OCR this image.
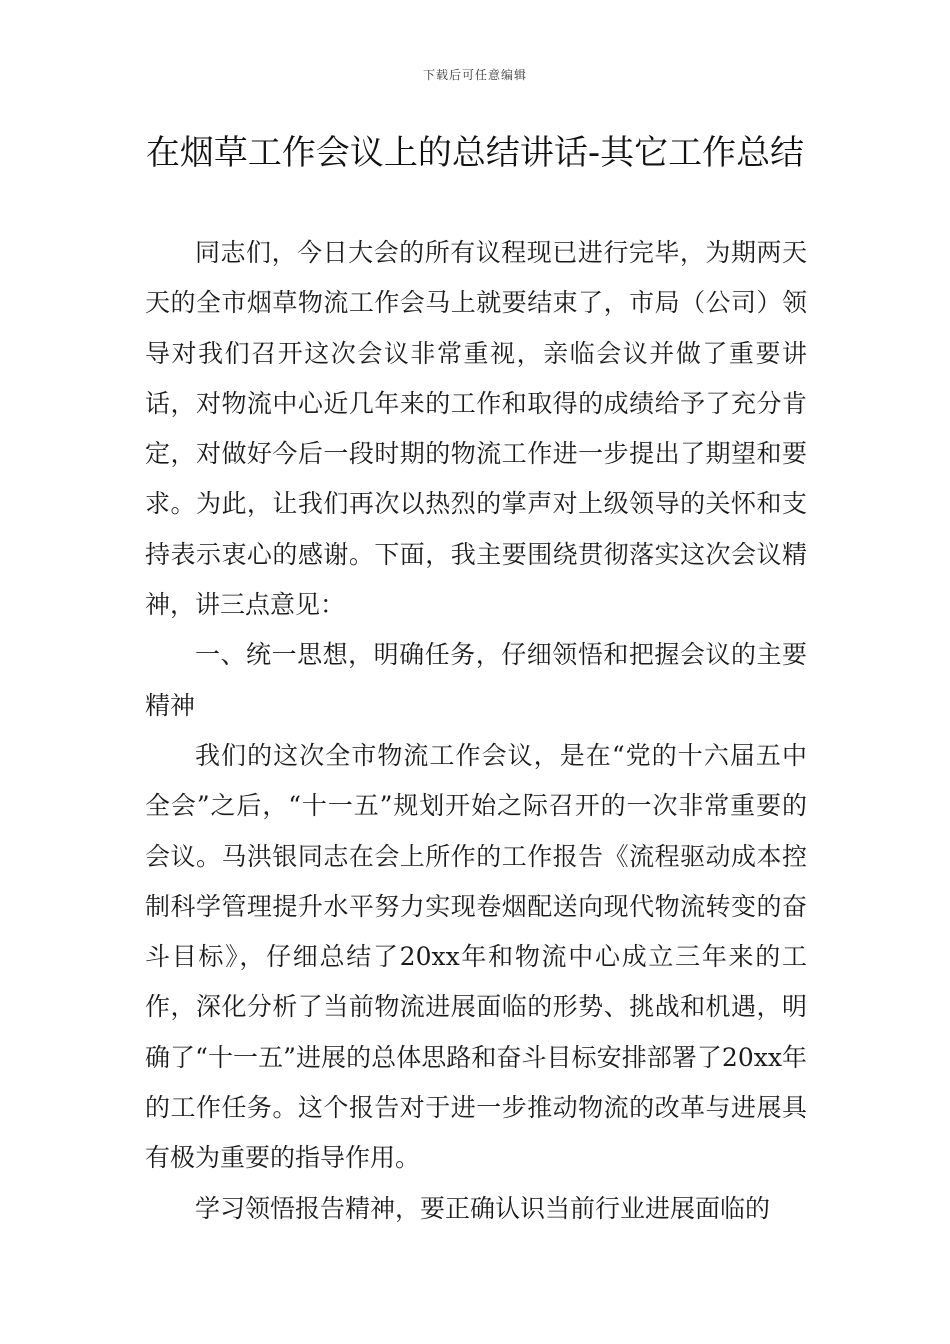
下载后可任意编辑
在烟草工作会议上的总结讲话-其它工作总结

同志们，今日大会的所有议程现已进行完毕，为期两天天的全市烟草物流工作会马上就要结束了，市局（公司）领导对我们召开这次会议非常重视，亲临会议并做了重要讲话，对物流中心近几年来的工作和取得的成绩给予了充分肯定，对做好今后一段时期的物流工作进一步提出了期望和要求。为此，让我们再次以热烈的掌声对上级领导的关怀和支持表示衷心的感谢。下面，我主要围绕贯彻落实这次会议精神，讲三点意见：

一、统一思想，明确任务，仔细领悟和把握会议的主要精神

我们的这次全市物流工作会议，是在“党的十六届五中全会”之后，“十一五”规划开始之际召开的一次非常重要的会议。马洪银同志在会上所作的工作报告《流程驱动成本控制科学管理提升水平努力实现卷烟配送向现代物流转变的奋斗目标》，仔细总结了20xx年和物流中心成立三年来的工作，深化分析了当前物流进展面临的形势、挑战和机遇，明确了“十一五”进展的总体思路和奋斗目标安排部署了20xx年的工作任务。这个报告对于进一步推动物流的改革与进展具有极为重要的指导作用。

学习领悟报告精神，要正确认识当前行业进展面临的
